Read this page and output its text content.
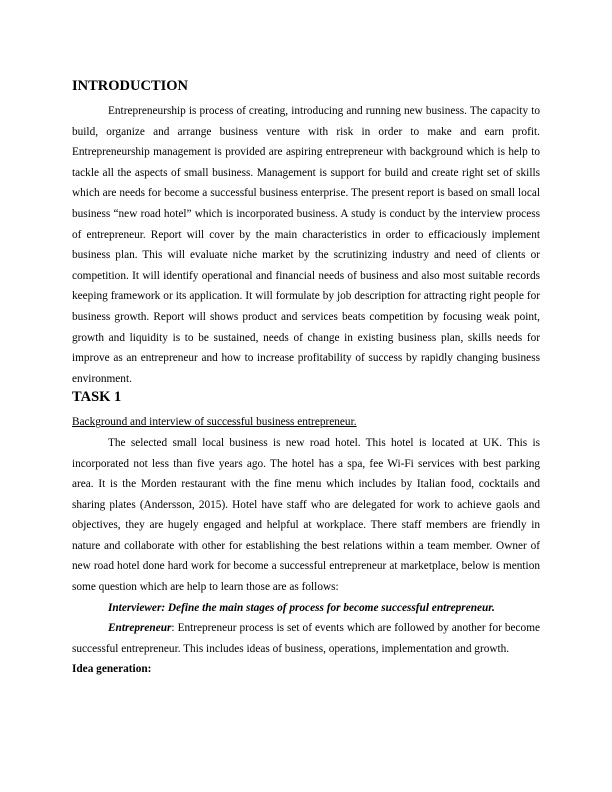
INTRODUCTION

Entrepreneurship is process of creating, introducing and running new business. The capacity to build, organize and arrange business venture with risk in order to make and earn profit. Entrepreneurship management is provided are aspiring entrepreneur with background which is help to tackle all the aspects of small business. Management is support for build and create right set of skills which are needs for become a successful business enterprise. The present report is based on small local business “new road hotel” which is incorporated business. A study is conduct by the interview process of entrepreneur. Report will cover by the main characteristics in order to efficaciously implement business plan. This will evaluate niche market by the scrutinizing industry and need of clients or competition. It will identify operational and financial needs of business and also most suitable records keeping framework or its application. It will formulate by job description for attracting right people for business growth. Report will shows product and services beats competition by focusing weak point, growth and liquidity is to be sustained, needs of change in existing business plan, skills needs for improve as an entrepreneur and how to increase profitability of success by rapidly changing business environment.

TASK 1

Background and interview of successful business entrepreneur.

The selected small local business is new road hotel. This hotel is located at UK. This is incorporated not less than five years ago. The hotel has a spa, fee Wi-Fi services with best parking area. It is the Morden restaurant with the fine menu which includes by Italian food, cocktails and sharing plates (Andersson, 2015). Hotel have staff who are delegated for work to achieve gaols and objectives, they are hugely engaged and helpful at workplace. There staff members are friendly in nature and collaborate with other for establishing the best relations within a team member. Owner of new road hotel done hard work for become a successful entrepreneur at marketplace, below is mention some question which are help to learn those are as follows:

Interviewer: Define the main stages of process for become successful entrepreneur.

Entrepreneur: Entrepreneur process is set of events which are followed by another for become successful entrepreneur. This includes ideas of business, operations, implementation and growth.

Idea generation:
